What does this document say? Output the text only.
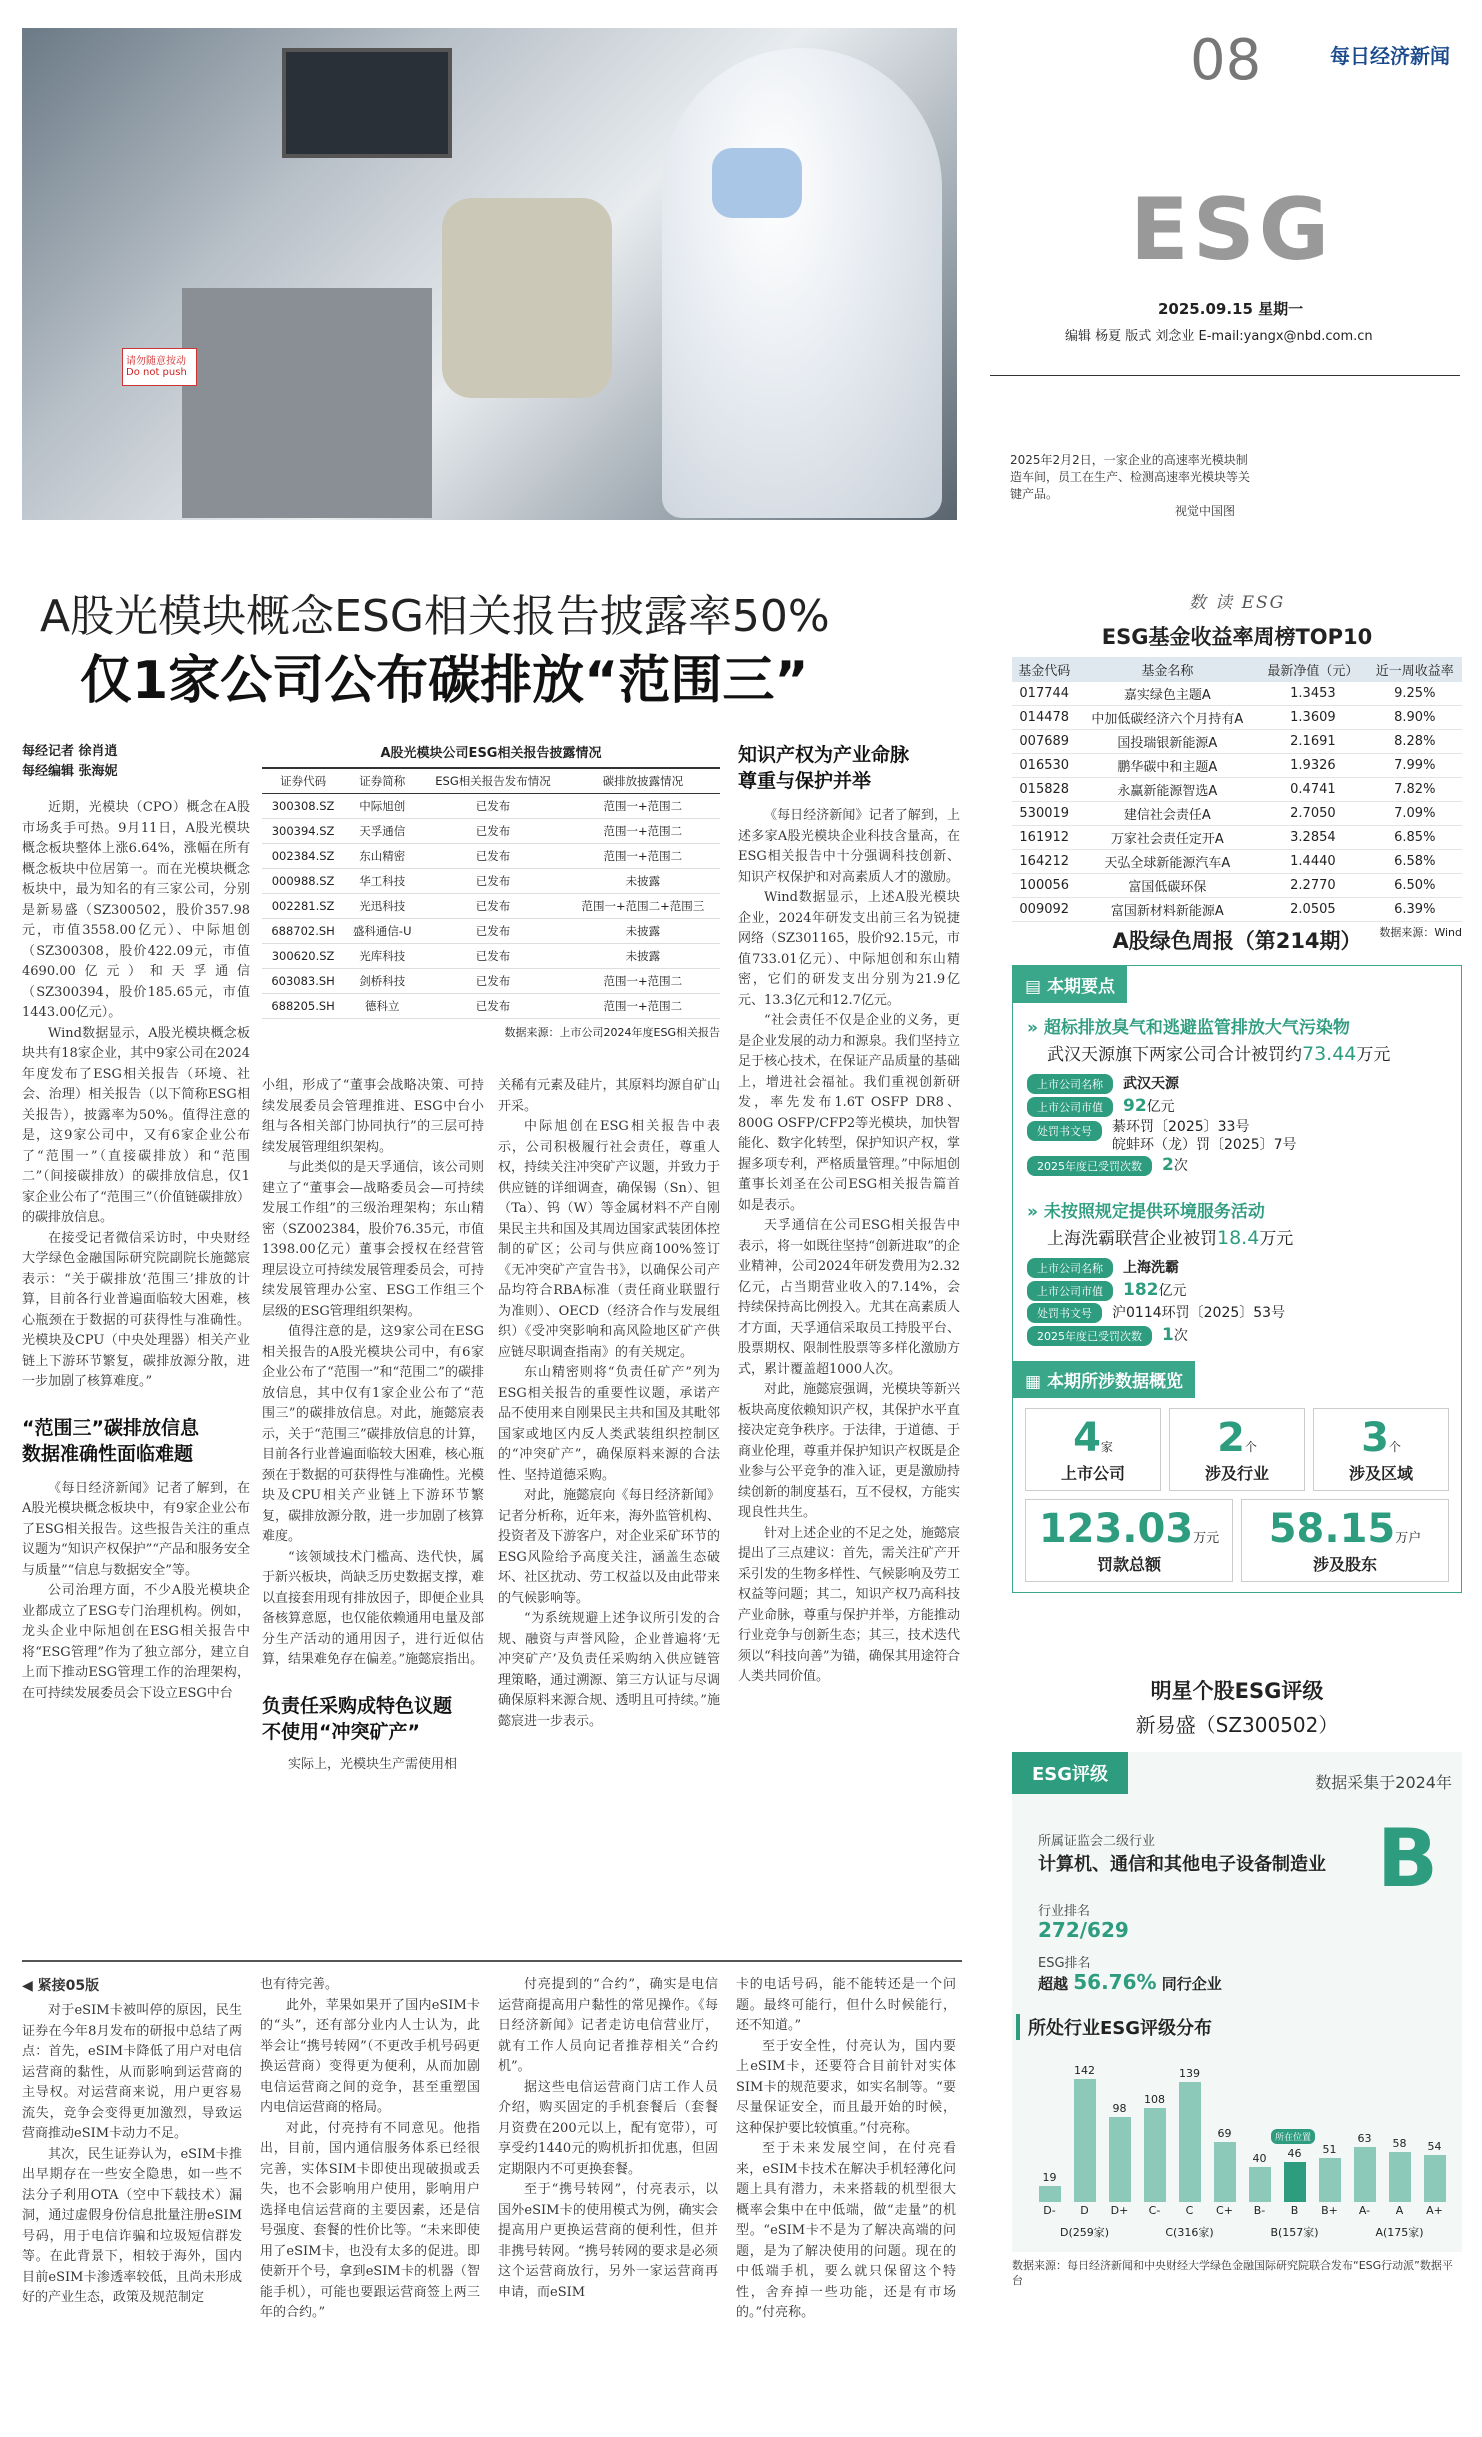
请勿随意按动 Do not push
08	每日经济新闻
ESG
2025.09.15 星期一
编辑 杨夏 版式 刘念业 E-mail:yangx@nbd.com.cn
2025年2月2日，一家企业的高速率光模块制造车间，员工在生产、检测高速率光模块等关键产品。

视觉中国图
A股光模块概念ESG相关报告披露率50%
仅1家公司公布碳排放“范围三”
每经记者 徐肖逍
每经编辑 张海妮

近期，光模块（CPO）概念在A股市场炙手可热。9月11日，A股光模块概念板块整体上涨6.64%，涨幅在所有概念板块中位居第一。而在光模块概念板块中，最为知名的有三家公司，分别是新易盛（SZ300502，股价357.98元，市值3558.00亿元）、中际旭创（SZ300308，股价422.09元，市值4690.00亿元）和天孚通信（SZ300394，股价185.65元，市值1443.00亿元）。

Wind数据显示，A股光模块概念板块共有18家企业，其中9家公司在2024年度发布了ESG相关报告（环境、社会、治理）相关报告（以下简称ESG相关报告），披露率为50%。值得注意的是，这9家公司中，又有6家企业公布了“范围一”（直接碳排放）和“范围二”（间接碳排放）的碳排放信息，仅1家企业公布了“范围三”（价值链碳排放）的碳排放信息。

在接受记者微信采访时，中央财经大学绿色金融国际研究院副院长施懿宸表示：“关于碳排放‘范围三’排放的计算，目前各行业普遍面临较大困难，核心瓶颈在于数据的可获得性与准确性。光模块及CPU（中央处理器）相关产业链上下游环节繁复，碳排放源分散，进一步加剧了核算难度。”

“范围三”碳排放信息
数据准确性面临难题

《每日经济新闻》记者了解到，在A股光模块概念板块中，有9家企业公布了ESG相关报告。这些报告关注的重点议题为“知识产权保护”“产品和服务安全与质量”“信息与数据安全”等。

公司治理方面，不少A股光模块企业都成立了ESG专门治理机构。例如，龙头企业中际旭创在ESG相关报告中将“ESG管理”作为了独立部分，建立自上而下推动ESG管理工作的治理架构，在可持续发展委员会下设立ESG中台

A股光模块公司ESG相关报告披露情况
证券代码	证券简称	ESG相关报告发布情况	碳排放披露情况
300308.SZ	中际旭创	已发布	范围一+范围二
300394.SZ	天孚通信	已发布	范围一+范围二
002384.SZ	东山精密	已发布	范围一+范围二
000988.SZ	华工科技	已发布	未披露
002281.SZ	光迅科技	已发布	范围一+范围二+范围三
688702.SH	盛科通信-U	已发布	未披露
300620.SZ	光库科技	已发布	未披露
603083.SH	剑桥科技	已发布	范围一+范围二
688205.SH	德科立	已发布	范围一+范围二
数据来源：上市公司2024年度ESG相关报告

小组，形成了“董事会战略决策、可持续发展委员会管理推进、ESG中台小组与各相关部门协同执行”的三层可持续发展管理组织架构。

与此类似的是天孚通信，该公司则建立了“董事会—战略委员会—可持续发展工作组”的三级治理架构；东山精密（SZ002384，股价76.35元，市值1398.00亿元）董事会授权在经营管理层设立可持续发展管理委员会，可持续发展管理办公室、ESG工作组三个层级的ESG管理组织架构。

值得注意的是，这9家公司在ESG相关报告的A股光模块公司中，有6家企业公布了“范围一”和“范围二”的碳排放信息，其中仅有1家企业公布了“范围三”的碳排放信息。对此，施懿宸表示，关于“范围三”碳排放信息的计算，目前各行业普遍面临较大困难，核心瓶颈在于数据的可获得性与准确性。光模块及CPU相关产业链上下游环节繁复，碳排放源分散，进一步加剧了核算难度。

“该领域技术门槛高、迭代快，属于新兴板块，尚缺乏历史数据支撑，难以直接套用现有排放因子，即便企业具备核算意愿，也仅能依赖通用电量及部分生产活动的通用因子，进行近似估算，结果难免存在偏差。”施懿宸指出。

负责任采购成特色议题
不使用“冲突矿产”

实际上，光模块生产需使用相

关稀有元素及硅片，其原料均源自矿山开采。

中际旭创在ESG相关报告中表示，公司积极履行社会责任，尊重人权，持续关注冲突矿产议题，并致力于供应链的详细调查，确保锡（Sn）、钽（Ta）、钨（W）等金属材料不产自刚果民主共和国及其周边国家武装团体控制的矿区；公司与供应商100%签订《无冲突矿产宣告书》，以确保公司产品均符合RBA标准（责任商业联盟行为准则）、OECD（经济合作与发展组织）《受冲突影响和高风险地区矿产供应链尽职调查指南》的有关规定。

东山精密则将“负责任矿产”列为ESG相关报告的重要性议题，承诺产品不使用来自刚果民主共和国及其毗邻国家或地区内反人类武装组织控制区的“冲突矿产”，确保原料来源的合法性、坚持道德采购。

对此，施懿宸向《每日经济新闻》记者分析称，近年来，海外监管机构、投资者及下游客户，对企业采矿环节的ESG风险给予高度关注，涵盖生态破坏、社区扰动、劳工权益以及由此带来的气候影响等。

“为系统规避上述争议所引发的合规、融资与声誉风险，企业普遍将‘无冲突矿产’及负责任采购纳入供应链管理策略，通过溯源、第三方认证与尽调确保原料来源合规、透明且可持续。”施懿宸进一步表示。

知识产权为产业命脉
尊重与保护并举

《每日经济新闻》记者了解到，上述多家A股光模块企业科技含量高，在ESG相关报告中十分强调科技创新、知识产权保护和对高素质人才的激励。

Wind数据显示，上述A股光模块企业，2024年研发支出前三名为锐捷网络（SZ301165，股价92.15元，市值733.01亿元）、中际旭创和东山精密，它们的研发支出分别为21.9亿元、13.3亿元和12.7亿元。

“社会责任不仅是企业的义务，更是企业发展的动力和源泉。我们坚持立足于核心技术，在保证产品质量的基础上，增进社会福祉。我们重视创新研发，率先发布1.6T OSFP DR8、800G OSFP/CFP2等光模块，加快智能化、数字化转型，保护知识产权，掌握多项专利，严格质量管理。”中际旭创董事长刘圣在公司ESG相关报告篇首如是表示。

天孚通信在公司ESG相关报告中表示，将一如既往坚持“创新进取”的企业精神，公司2024年研发费用为2.32亿元，占当期营业收入的7.14%，会持续保持高比例投入。尤其在高素质人才方面，天孚通信采取员工持股平台、股票期权、限制性股票等多样化激励方式，累计覆盖超1000人次。

对此，施懿宸强调，光模块等新兴板块高度依赖知识产权，其保护水平直接决定竞争秩序。于法律，于道德、于商业伦理，尊重并保护知识产权既是企业参与公平竞争的准入证，更是激励持续创新的制度基石，互不侵权，方能实现良性共生。

针对上述企业的不足之处，施懿宸提出了三点建议：首先，需关注矿产开采引发的生物多样性、气候影响及劳工权益等问题；其二，知识产权乃高科技产业命脉，尊重与保护并举，方能推动行业竞争与创新生态；其三，技术迭代须以“科技向善”为锚，确保其用途符合人类共同价值。

◀ 紧接05版

对于eSIM卡被叫停的原因，民生证券在今年8月发布的研报中总结了两点：首先，eSIM卡降低了用户对电信运营商的黏性，从而影响到运营商的主导权。对运营商来说，用户更容易流失，竞争会变得更加激烈，导致运营商推动eSIM卡动力不足。

其次，民生证券认为，eSIM卡推出早期存在一些安全隐患，如一些不法分子利用OTA（空中下载技术）漏洞，通过虚假身份信息批量注册eSIM号码，用于电信诈骗和垃圾短信群发等。在此背景下，相较于海外，国内目前eSIM卡渗透率较低，且尚未形成好的产业生态，政策及规范制定

也有待完善。

此外，苹果如果开了国内eSIM卡的“头”，还有部分业内人士认为，此举会让“携号转网”（不更改手机号码更换运营商）变得更为便利，从而加剧电信运营商之间的竞争，甚至重塑国内电信运营商的格局。

对此，付亮持有不同意见。他指出，目前，国内通信服务体系已经很完善，实体SIM卡即使出现破损或丢失，也不会影响用户使用，影响用户选择电信运营商的主要因素，还是信号强度、套餐的性价比等。“未来即使用了eSIM卡，也没有太多的促进。即使新开个号，拿到eSIM卡的机器（智能手机），可能也要跟运营商签上两三年的合约。”

付亮提到的“合约”，确实是电信运营商提高用户黏性的常见操作。《每日经济新闻》记者走访电信营业厅，就有工作人员向记者推荐相关“合约机”。

据这些电信运营商门店工作人员介绍，购买固定的手机套餐后（套餐月资费在200元以上，配有宽带），可享受约1440元的购机折扣优惠，但固定期限内不可更换套餐。

至于“携号转网”，付亮表示，以国外eSIM卡的使用模式为例，确实会提高用户更换运营商的便利性，但并非携号转网。“携号转网的要求是必须这个运营商放行，另外一家运营商再申请，而eSIM

卡的电话号码，能不能转还是一个问题。最终可能行，但什么时候能行，还不知道。”

至于安全性，付亮认为，国内要上eSIM卡，还要符合目前针对实体SIM卡的规范要求，如实名制等。“要尽量保证安全，而且最开始的时候，这种保护要比较慎重。”付亮称。

至于未来发展空间，在付亮看来，eSIM卡技术在解决手机轻薄化问题上具有潜力，未来搭载的机型很大概率会集中在中低端，做“走量”的机型。“eSIM卡不是为了解决高端的问题，是为了解决使用的问题。现在的中低端手机，要么就只保留这个特性，舍弃掉一些功能，还是有市场的。”付亮称。

数 读 ESG
ESG基金收益率周榜TOP10
基金代码	基金名称	最新净值（元）	近一周收益率
017744	嘉实绿色主题A	1.3453	9.25%
014478	中加低碳经济六个月持有A	1.3609	8.90%
007689	国投瑞银新能源A	2.1691	8.28%
016530	鹏华碳中和主题A	1.9326	7.99%
015828	永赢新能源智选A	0.4741	7.82%
530019	建信社会责任A	2.7050	7.09%
161912	万家社会责任定开A	3.2854	6.85%
164212	天弘全球新能源汽车A	1.4440	6.58%
100056	富国低碳环保	2.2770	6.50%
009092	富国新材料新能源A	2.0505	6.39%
数据来源：Wind
A股绿色周报（第214期）
▤ 本期要点
» 超标排放臭气和逃避监管排放大气污染物
武汉天源旗下两家公司合计被罚约73.44万元
上市公司名称 武汉天源
上市公司市值 92亿元
处罚书文号	綦环罚〔2025〕33号
皖蚌环（龙）罚〔2025〕7号
2025年度已受罚次数 2次
» 未按照规定提供环境服务活动
上海洗霸联营企业被罚18.4万元
上市公司名称 上海洗霸
上市公司市值 182亿元
处罚书文号 沪0114环罚〔2025〕53号
2025年度已受罚次数 1次
▦ 本期所涉数据概览
4家
上市公司
2个
涉及行业
3个
涉及区域
123.03万元
罚款总额
58.15万户
涉及股东
明星个股ESG评级
新易盛（SZ300502）
ESG评级	数据采集于2024年
所属证监会二级行业
计算机、通信和其他电子设备制造业 B
行业排名
272/629
ESG排名
超越 56.76% 同行企业
所处行业ESG评级分布
19
142
98
108
139
69
40	46
所在位置
51
63	58	54
D-	D	D+	C-	C	C+	B-	B	B+	A-	A	A+
D(259家)	C(316家)	B(157家)	A(175家)
数据来源：每日经济新闻和中央财经大学绿色金融国际研究院联合发布“ESG行动派”数据平台
